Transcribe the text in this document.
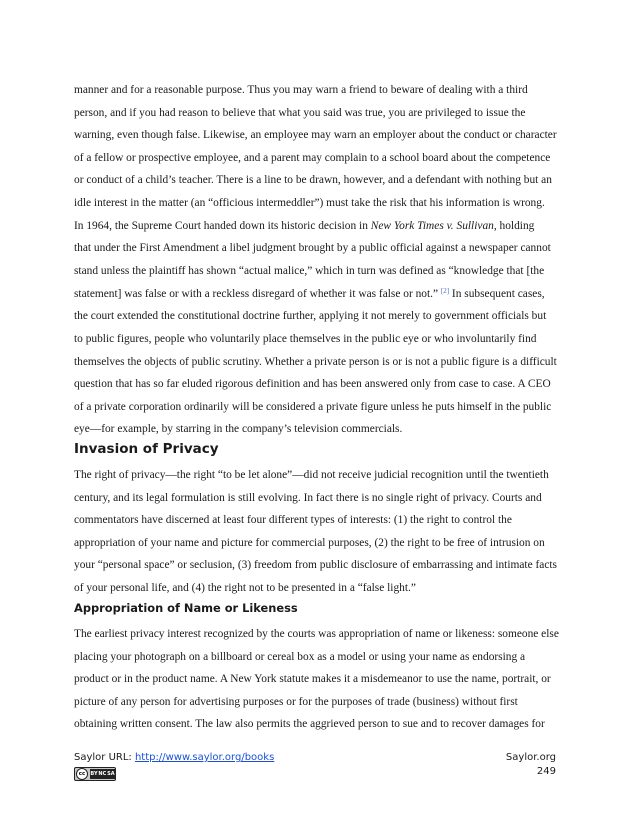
manner and for a reasonable purpose. Thus you may warn a friend to beware of dealing with a third
person, and if you had reason to believe that what you said was true, you are privileged to issue the
warning, even though false. Likewise, an employee may warn an employer about the conduct or character
of a fellow or prospective employee, and a parent may complain to a school board about the competence
or conduct of a child’s teacher. There is a line to be drawn, however, and a defendant with nothing but an
idle interest in the matter (an “officious intermeddler”) must take the risk that his information is wrong.
In 1964, the Supreme Court handed down its historic decision in New York Times v. Sullivan, holding
that under the First Amendment a libel judgment brought by a public official against a newspaper cannot
stand unless the plaintiff has shown “actual malice,” which in turn was defined as “knowledge that [the
statement] was false or with a reckless disregard of whether it was false or not.” [2] In subsequent cases,
the court extended the constitutional doctrine further, applying it not merely to government officials but
to public figures, people who voluntarily place themselves in the public eye or who involuntarily find
themselves the objects of public scrutiny. Whether a private person is or is not a public figure is a difficult
question that has so far eluded rigorous definition and has been answered only from case to case. A CEO
of a private corporation ordinarily will be considered a private figure unless he puts himself in the public
eye—for example, by starring in the company’s television commercials.
Invasion of Privacy
The right of privacy—the right “to be let alone”—did not receive judicial recognition until the twentieth
century, and its legal formulation is still evolving. In fact there is no single right of privacy. Courts and
commentators have discerned at least four different types of interests: (1) the right to control the
appropriation of your name and picture for commercial purposes, (2) the right to be free of intrusion on
your “personal space” or seclusion, (3) freedom from public disclosure of embarrassing and intimate facts
of your personal life, and (4) the right not to be presented in a “false light.”
Appropriation of Name or Likeness
The earliest privacy interest recognized by the courts was appropriation of name or likeness: someone else
placing your photograph on a billboard or cereal box as a model or using your name as endorsing a
product or in the product name. A New York statute makes it a misdemeanor to use the name, portrait, or
picture of any person for advertising purposes or for the purposes of trade (business) without first
obtaining written consent. The law also permits the aggrieved person to sue and to recover damages for
Saylor URL: http://www.saylor.org/books
cc	BY NC SA
Saylor.org
249
